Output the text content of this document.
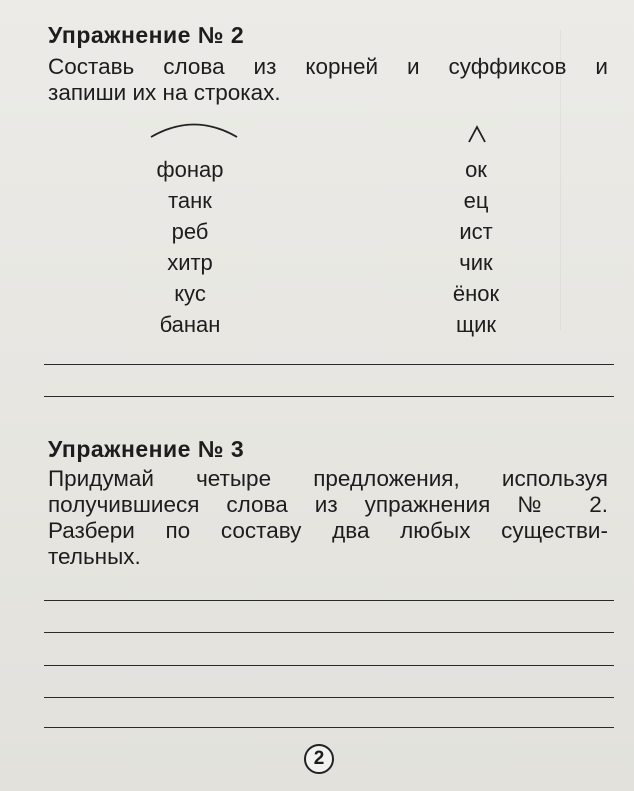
Упражнение № 2
Составь слова из корней и суффиксов и
запиши их на строках.
фонар
танк
реб
хитр
кус
банан
ок
ец
ист
чик
ёнок
щик
Упражнение № 3
Придумай четыре предложения, используя
получившиеся слова из упражнения № 2.
Разбери по составу два любых существи-
тельных.
2
